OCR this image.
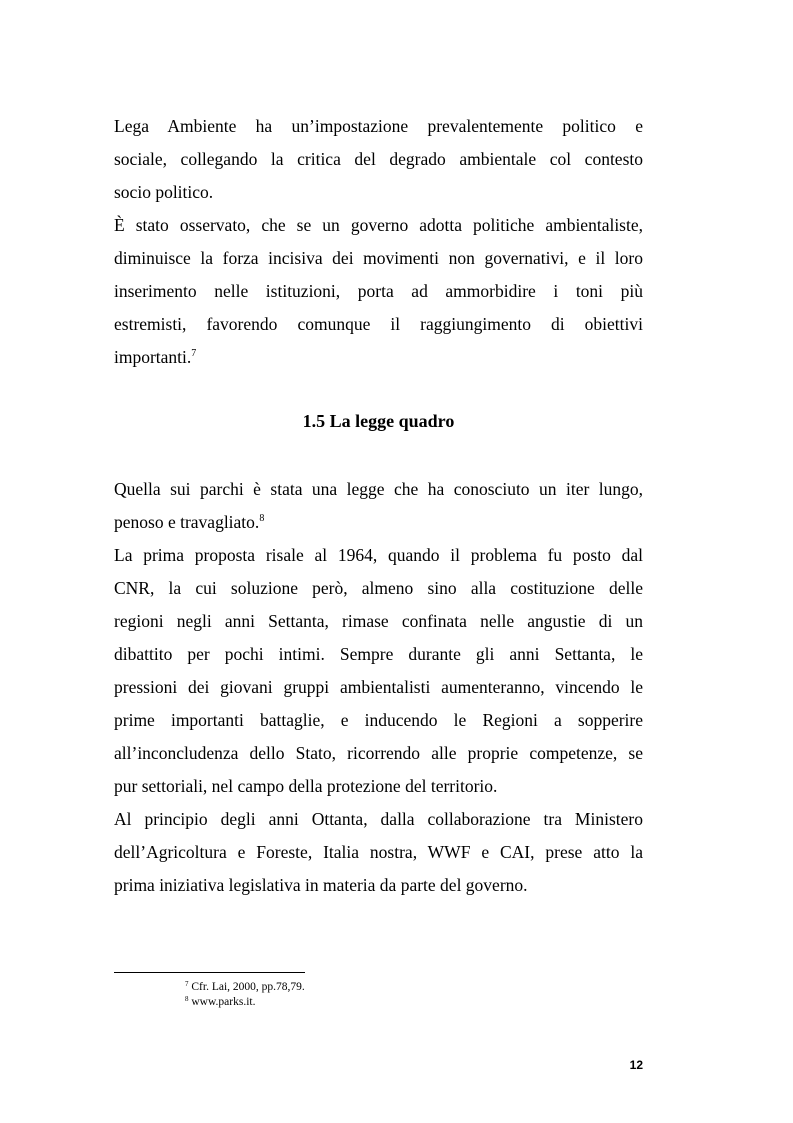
Lega Ambiente ha un’impostazione prevalentemente politico e
sociale, collegando la critica del degrado ambientale col contesto
socio politico.
È stato osservato, che se un governo adotta politiche ambientaliste,
diminuisce la forza incisiva dei movimenti non governativi, e il loro
inserimento nelle istituzioni, porta ad ammorbidire i toni più
estremisti, favorendo comunque il raggiungimento di obiettivi
importanti.$^7$
1.5 La legge quadro
Quella sui parchi è stata una legge che ha conosciuto un iter lungo,
penoso e travagliato.$^8$
La prima proposta risale al 1964, quando il problema fu posto dal
CNR, la cui soluzione però, almeno sino alla costituzione delle
regioni negli anni Settanta, rimase confinata nelle angustie di un
dibattito per pochi intimi. Sempre durante gli anni Settanta, le
pressioni dei giovani gruppi ambientalisti aumenteranno, vincendo le
prime importanti battaglie, e inducendo le Regioni a sopperire
all’inconcludenza dello Stato, ricorrendo alle proprie competenze, se
pur settoriali, nel campo della protezione del territorio.
Al principio degli anni Ottanta, dalla collaborazione tra Ministero
dell’Agricoltura e Foreste, Italia nostra, WWF e CAI, prese atto la
prima iniziativa legislativa in materia da parte del governo.
$^7$ Cfr. Lai, 2000, pp.78,79.
$^8$ www.parks.it.
12
